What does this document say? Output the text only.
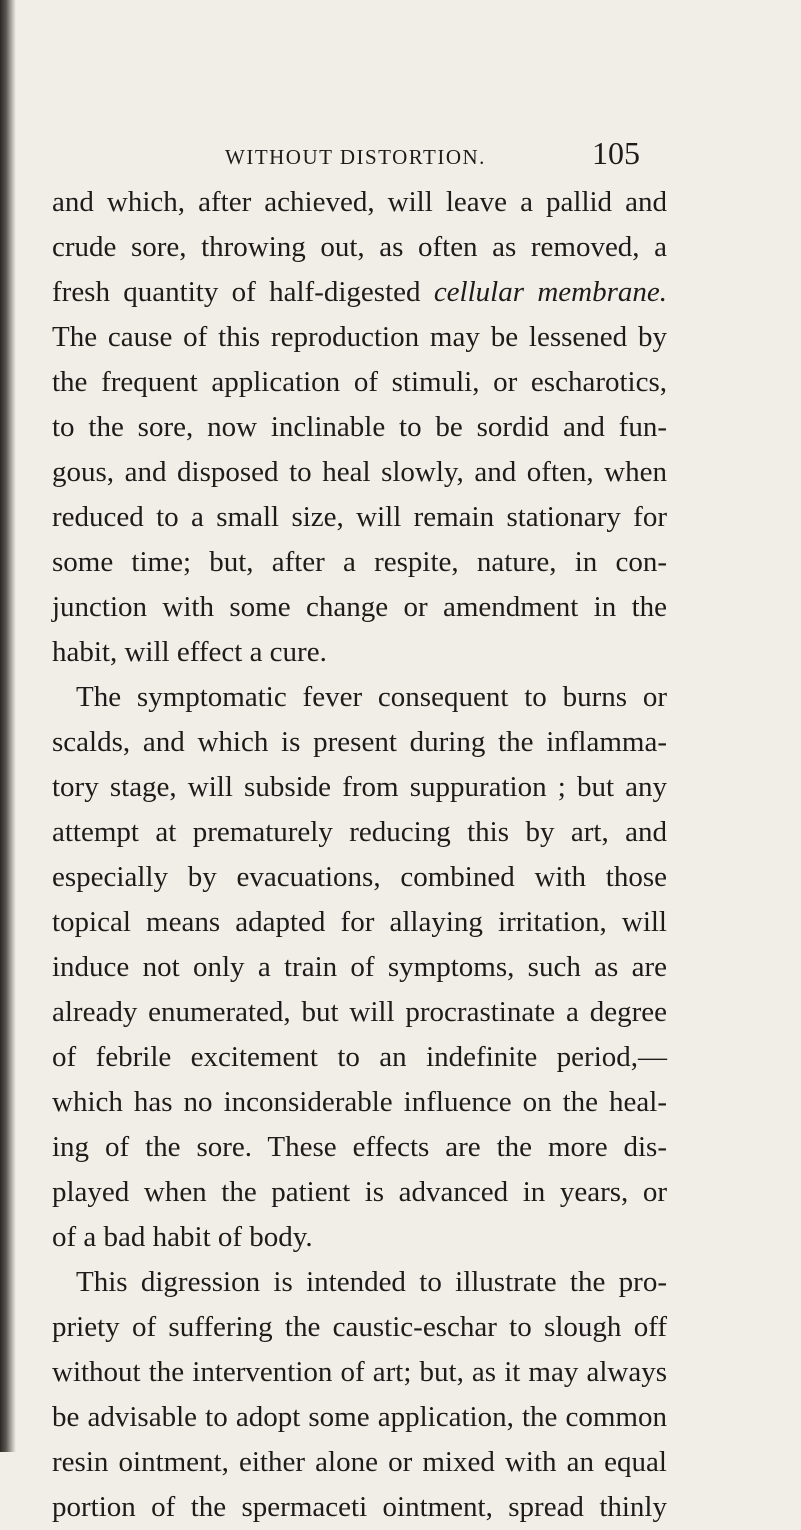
WITHOUT DISTORTION.	105
and which, after achieved, will leave a pallid and
crude sore, throwing out, as often as removed, a
fresh quantity of half-digested cellular membrane.
The cause of this reproduction may be lessened by
the frequent application of stimuli, or escharotics,
to the sore, now inclinable to be sordid and fun-
gous, and disposed to heal slowly, and often, when
reduced to a small size, will remain stationary for
some time; but, after a respite, nature, in con-
junction with some change or amendment in the
habit, will effect a cure.
The symptomatic fever consequent to burns or
scalds, and which is present during the inflamma-
tory stage, will subside from suppuration ; but any
attempt at prematurely reducing this by art, and
especially by evacuations, combined with those
topical means adapted for allaying irritation, will
induce not only a train of symptoms, such as are
already enumerated, but will procrastinate a degree
of febrile excitement to an indefinite period,—
which has no inconsiderable influence on the heal-
ing of the sore. These effects are the more dis-
played when the patient is advanced in years, or
of a bad habit of body.
This digression is intended to illustrate the pro-
priety of suffering the caustic-eschar to slough off
without the intervention of art; but, as it may always
be advisable to adopt some application, the common
resin ointment, either alone or mixed with an equal
portion of the spermaceti ointment, spread thinly
